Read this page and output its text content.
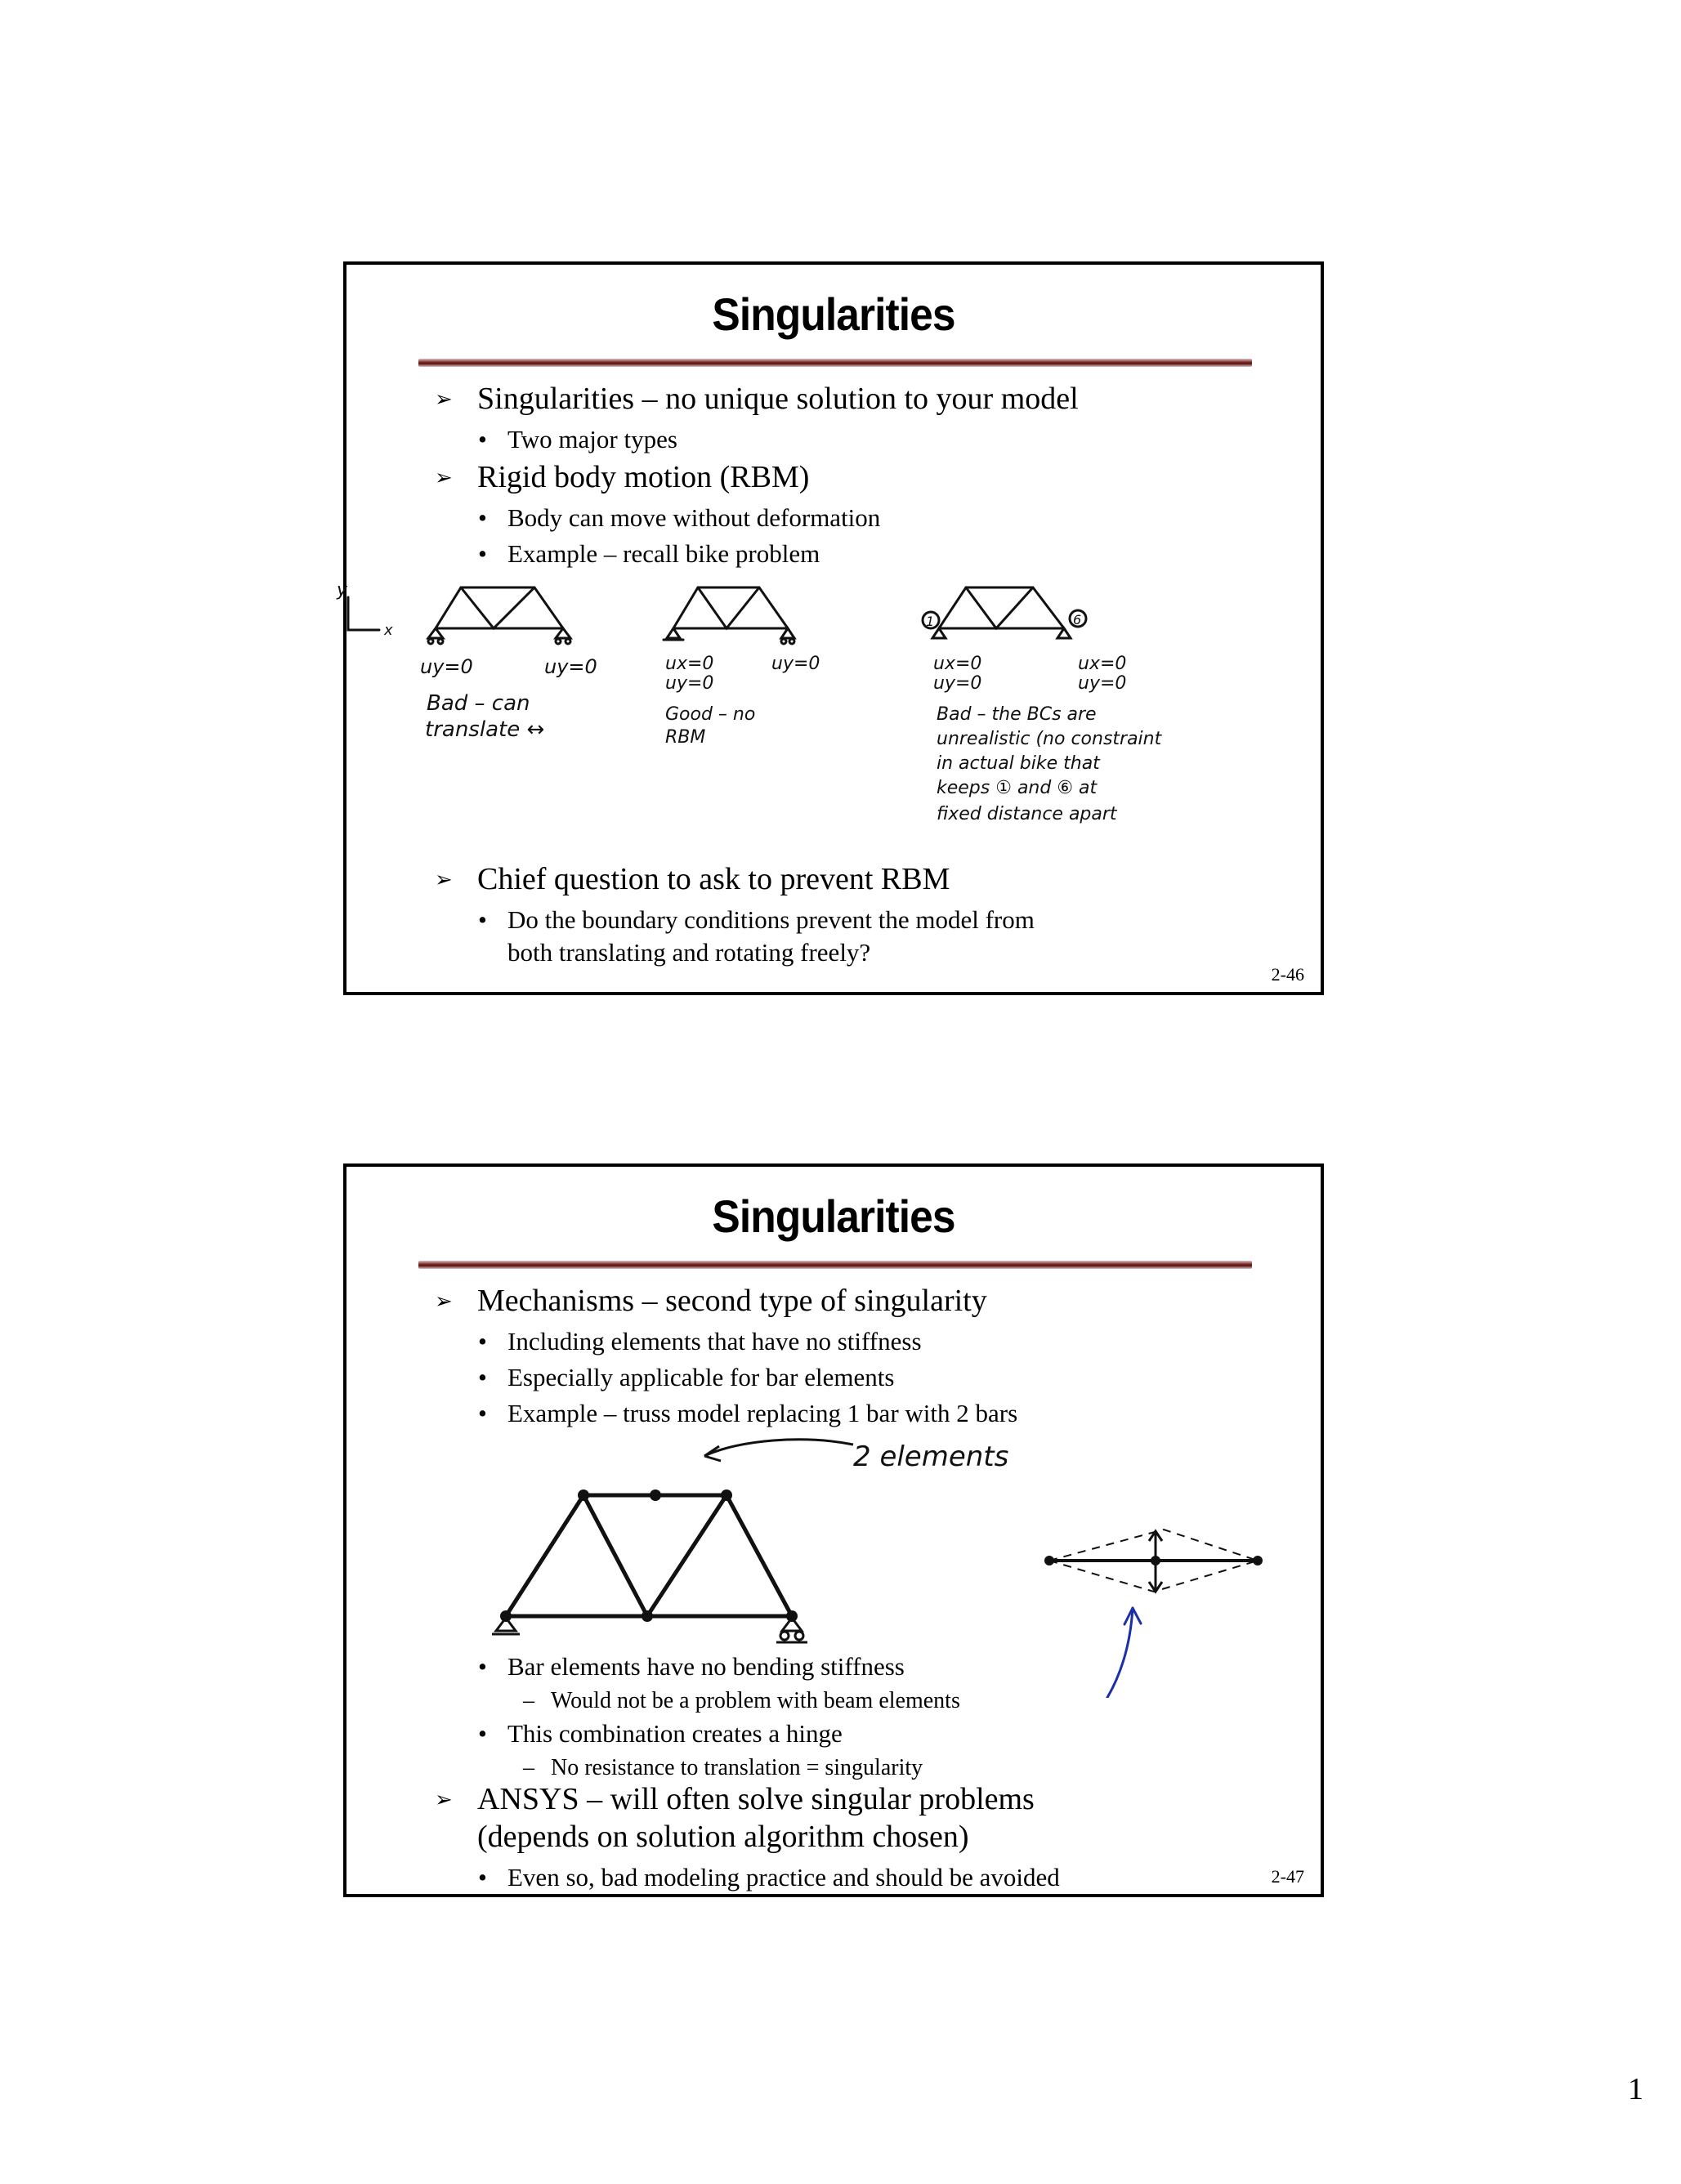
Singularities
➢ Singularities – no unique solution to your model
• Two major types
➢ Rigid body motion (RBM)
• Body can move without deformation
• Example – recall bike problem
y
x
uy=0	uy=0
Bad – can
translate ↔
ux=0
uy=0
uy=0
Good – no
RBM
1	6
ux=0
uy=0
ux=0
uy=0
Bad – the BCs are
unrealistic (no constraint
in actual bike that
keeps ① and ⑥ at
fixed distance apart
➢ Chief question to ask to prevent RBM
• Do the boundary conditions prevent the model from
both translating and rotating freely?
2-46
Singularities
➢ Mechanisms – second type of singularity
• Including elements that have no stiffness
• Especially applicable for bar elements
• Example – truss model replacing 1 bar with 2 bars
2 elements
• Bar elements have no bending stiffness
– Would not be a problem with beam elements
• This combination creates a hinge
– No resistance to translation = singularity
➢ ANSYS – will often solve singular problems
(depends on solution algorithm chosen)
• Even so, bad modeling practice and should be avoided	2-47
1
